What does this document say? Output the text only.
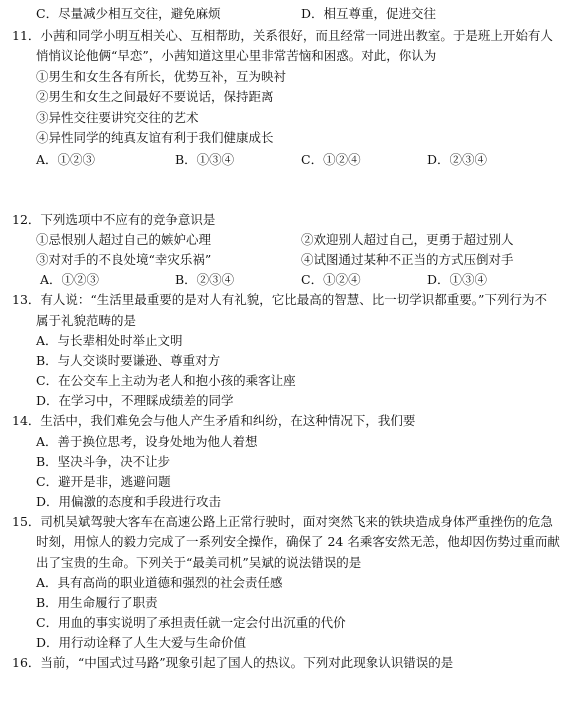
C．尽量减少相互交往，避免麻烦	D．相互尊重，促进交往
11．小茜和同学小明互相关心、互相帮助，关系很好，而且经常一同进出教室。于是班上开始有人
悄悄议论他俩“早恋”，小茜知道这里心里非常苦恼和困惑。对此，你认为
①男生和女生各有所长，优势互补，互为映衬
②男生和女生之间最好不要说话，保持距离
③异性交往要讲究交往的艺术
④异性同学的纯真友谊有利于我们健康成长
A．①②③	B．①③④	C．①②④	D．②③④
12．下列选项中不应有的竞争意识是
①忌恨别人超过自己的嫉妒心理	②欢迎别人超过自己，更勇于超过别人
③对对手的不良处境“幸灾乐祸”	④试图通过某种不正当的方式压倒对手
A．①②③	B．②③④	C．①②④	D．①③④
13．有人说：“生活里最重要的是对人有礼貌，它比最高的智慧、比一切学识都重要。”下列行为不
属于礼貌范畴的是
A．与长辈相处时举止文明
B．与人交谈时要谦逊、尊重对方
C．在公交车上主动为老人和抱小孩的乘客让座
D．在学习中，不理睬成绩差的同学
14．生活中，我们难免会与他人产生矛盾和纠纷，在这种情况下，我们要
A．善于换位思考，设身处地为他人着想
B．坚决斗争，决不让步
C．避开是非，逃避问题
D．用偏激的态度和手段进行攻击
15．司机吴斌驾驶大客车在高速公路上正常行驶时，面对突然飞来的铁块造成身体严重挫伤的危急
时刻，用惊人的毅力完成了一系列安全操作，确保了 24 名乘客安然无恙，他却因伤势过重而献
出了宝贵的生命。下列关于“最美司机”吴斌的说法错误的是
A．具有高尚的职业道德和强烈的社会责任感
B．用生命履行了职责
C．用血的事实说明了承担责任就一定会付出沉重的代价
D．用行动诠释了人生大爱与生命价值
16．当前，“中国式过马路”现象引起了国人的热议。下列对此现象认识错误的是
